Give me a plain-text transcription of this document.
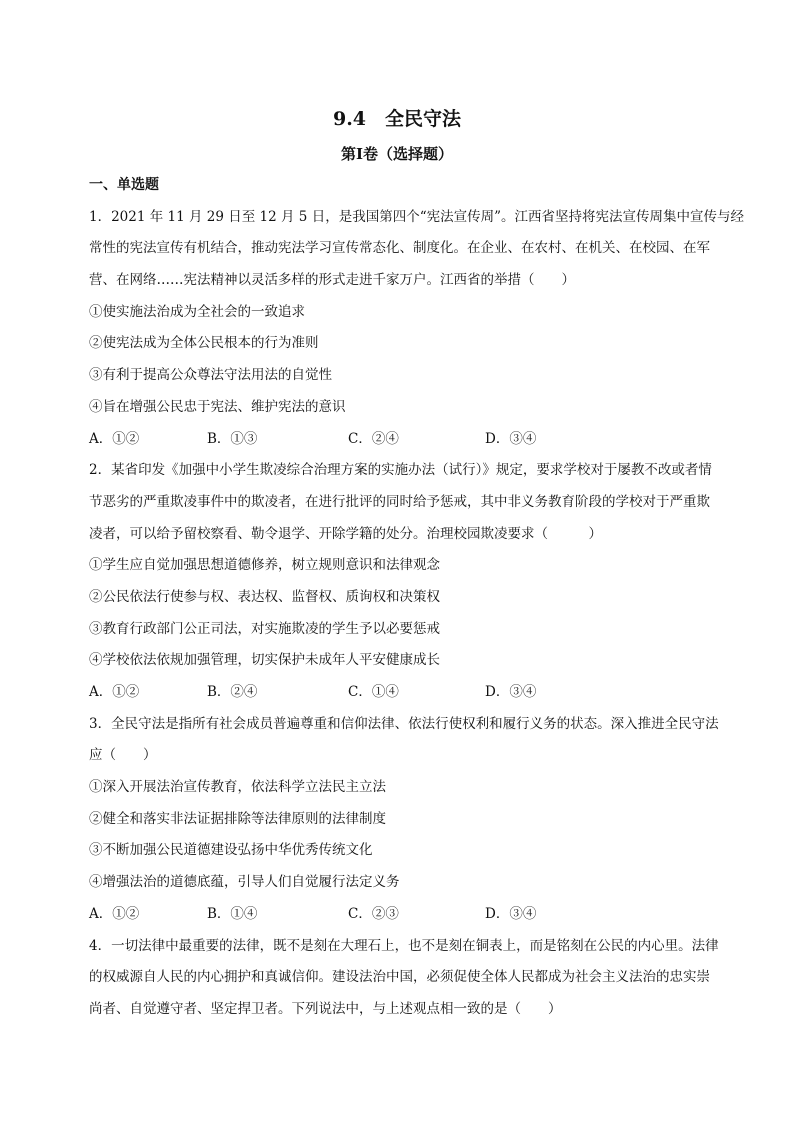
9.4　全民守法
第Ⅰ卷（选择题）
一、单选题
1．2021 年 11 月 29 日至 12 月 5 日，是我国第四个“宪法宣传周”。江西省坚持将宪法宣传周集中宣传与经
常性的宪法宣传有机结合，推动宪法学习宣传常态化、制度化。在企业、在农村、在机关、在校园、在军
营、在网络……宪法精神以灵活多样的形式走进千家万户。江西省的举措（　　）
①使实施法治成为全社会的一致追求
②使宪法成为全体公民根本的行为准则
③有利于提高公众尊法守法用法的自觉性
④旨在增强公民忠于宪法、维护宪法的意识
A．①②	B．①③	C．②④	D．③④
2．某省印发《加强中小学生欺凌综合治理方案的实施办法（试行）》规定，要求学校对于屡教不改或者情
节恶劣的严重欺凌事件中的欺凌者，在进行批评的同时给予惩戒，其中非义务教育阶段的学校对于严重欺
凌者，可以给予留校察看、勒令退学、开除学籍的处分。治理校园欺凌要求（　　　）
①学生应自觉加强思想道德修养，树立规则意识和法律观念
②公民依法行使参与权、表达权、监督权、质询权和决策权
③教育行政部门公正司法，对实施欺凌的学生予以必要惩戒
④学校依法依规加强管理，切实保护未成年人平安健康成长
A．①②	B．②④	C．①④	D．③④
3．全民守法是指所有社会成员普遍尊重和信仰法律、依法行使权利和履行义务的状态。深入推进全民守法
应（　　）
①深入开展法治宣传教育，依法科学立法民主立法
②健全和落实非法证据排除等法律原则的法律制度
③不断加强公民道德建设弘扬中华优秀传统文化
④增强法治的道德底蕴，引导人们自觉履行法定义务
A．①②	B．①④	C．②③	D．③④
4．一切法律中最重要的法律，既不是刻在大理石上，也不是刻在铜表上，而是铭刻在公民的内心里。法律
的权威源自人民的内心拥护和真诚信仰。建设法治中国，必须促使全体人民都成为社会主义法治的忠实崇
尚者、自觉遵守者、坚定捍卫者。下列说法中，与上述观点相一致的是（　　）
